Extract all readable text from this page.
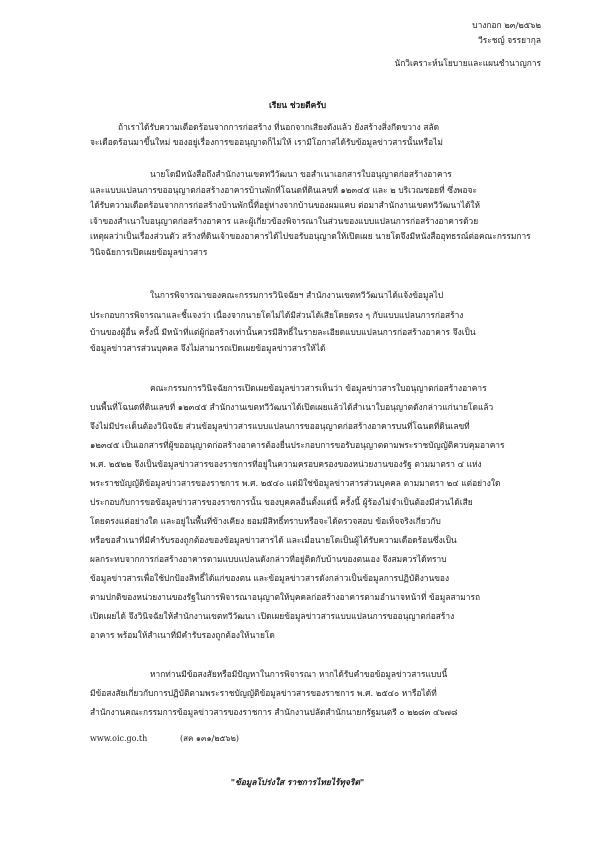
บางกอก ๒๓/๒๕๖๒
วีระชญ์ จรรยากุล
นักวิเคราะห์นโยบายและแผนชำนาญการ
เรียน ช่วยตีครับ
ถ้าเราได้รับความเดือดร้อนจากการก่อสร้าง ที่นอกจากเสียงดังแล้ว ยังสร้างสิ่งกีดขวาง สลัด
จะเดือดร้อนมาขึ้นใหม่ ของอยู่เรื่องการขออนุญาตก็ไม่ให้ เรามีโอกาสได้รับข้อมูลข่าวสารนั้นหรือไม่
นายโดมีหนังสือถึงสำนักงานเขตทวีวัฒนา ขอสำเนาเอกสารใบอนุญาตก่อสร้างอาคาร
และแบบแปลนการขออนุญาตก่อสร้างอาคารบ้านพักที่โฉนดที่ดินเลขที่ ๑๒๓๔๕ และ ๒ บริเวณซอยที่ ซึ่งพอจะ
ได้รับความเดือดร้อนจากการก่อสร้างบ้านพักนี้ที่อยู่ห่างจากบ้านของผมแคบ ต่อมาสำนักงานเขตทวีวัฒนาได้ให้
เจ้าของสำเนาใบอนุญาตก่อสร้างอาคาร และผู้เกี่ยวข้องพิจารณาในส่วนของแบบแปลนการก่อสร้างอาคารด้วย
เหตุผลว่าเป็นเรื่องส่วนตัว สร้างที่ดินเจ้าของอาคารได้ไปขอรับอนุญาตให้เปิดเผย นายโดจึงมีหนังสืออุทธรณ์ต่อคณะกรรมการ
วินิจฉัยการเปิดเผยข้อมูลข่าวสาร
ในการพิจารณาของคณะกรรมการวินิจฉัยฯ สำนักงานเขตทวีวัฒนาได้แจ้งข้อมูลไป
ประกอบการพิจารณาและชี้แจงว่า เนื่องจากนายโดไม่ได้มีส่วนได้เสียโดยตรง ๆ กับแบบแปลนการก่อสร้าง
บ้านของผู้อื่น ครั้งนี้ มีหน้าที่แต่ผู้ก่อสร้างเท่านั้นควรมีสิทธิ์ในรายละเอียดแบบแปลนการก่อสร้างอาคาร จึงเป็น
ข้อมูลข่าวสารส่วนบุคคล จึงไม่สามารถเปิดเผยข้อมูลข่าวสารให้ได้
คณะกรรมการวินิจฉัยการเปิดเผยข้อมูลข่าวสารเห็นว่า ข้อมูลข่าวสารใบอนุญาตก่อสร้างอาคาร
บนพื้นที่โฉนดที่ดินเลขที่ ๑๒๓๔๕ สำนักงานเขตทวีวัฒนาได้เปิดเผยแล้วได้สำเนาใบอนุญาตดังกล่าวแก่นายโดแล้ว
จึงไม่มีประเด็นต้องวินิจฉัย ส่วนข้อมูลข่าวสารแบบแปลนการขออนุญาตก่อสร้างอาคารบนที่โฉนดที่ดินเลขที่
๑๒๓๔๕ เป็นเอกสารที่ผู้ขออนุญาตก่อสร้างอาคารต้องยื่นประกอบการขอรับอนุญาตตามพระราชบัญญัติควบคุมอาคาร
พ.ศ. ๒๕๒๒ จึงเป็นข้อมูลข่าวสารของราชการที่อยู่ในความครอบครองของหน่วยงานของรัฐ ตามมาตรา ๔ แห่ง
พระราชบัญญัติข้อมูลข่าวสารของราชการ พ.ศ. ๒๕๔๐ แต่มิใช่ข้อมูลข่าวสารส่วนบุคคล ตามมาตรา ๒๔ แต่อย่างใด
ประกอบกับการขอข้อมูลข่าวสารของราชการนั้น ของบุคคลอื่นตั้งแต่นี้ ครั้งนี้ ผู้ร้องไม่จำเป็นต้องมีส่วนได้เสีย
โดยตรงแต่อย่างใด และอยู่ในพื้นที่ข้างเคียง ยอมมีสิทธิ์ทราบหรือจะได้ตรวจสอบ ข้อเท็จจริงเกี่ยวกับ
หรือขอสำเนาที่มีคำรับรองถูกต้องของข้อมูลข่าวสารได้ และเมื่อนายโดเป็นผู้ได้รับความเดือดร้อนซึ่งเป็น
ผลกระทบจากการก่อสร้างอาคารตามแบบแปลนดังกล่าวที่อยู่ติดกับบ้านของตนเอง จึงสมควรได้ทราบ
ข้อมูลข่าวสารเพื่อใช้ปกป้องสิทธิ์ได้แก่ของตน และข้อมูลข่าวสารดังกล่าวเป็นข้อมูลการปฏิบัติงานของ
ตามปกติของหน่วยงานของรัฐในการพิจารณาอนุญาตให้บุคคลก่อสร้างอาคารตามอำนาจหน้าที่ ข้อมูลสามารถ
เปิดเผยได้ จึงวินิจฉัยให้สำนักงานเขตทวีวัฒนา เปิดเผยข้อมูลข่าวสารแบบแปลนการขออนุญาตก่อสร้าง
อาคาร พร้อมให้สำเนาที่มีคำรับรองถูกต้องให้นายโด
หากท่านมีข้อสงสัยหรือมีปัญหาในการพิจารณา หากได้รับคำขอข้อมูลข่าวสารแบบนี้
มีข้อสงสัยเกี่ยวกับการปฏิบัติตามพระราชบัญญัติข้อมูลข่าวสารของราชการ พ.ศ. ๒๕๔๐ หารือได้ที่
สำนักงานคณะกรรมการข้อมูลข่าวสารของราชการ สำนักงานปลัดสำนักนายกรัฐมนตรี ๐ ๒๒๘๓ ๔๖๗๘
www.oic.go.th	(สค ๑๓๑/๒๕๖๒)
"ข้อมูลโปร่งใส ราชการไทยไร้ทุจริต"
